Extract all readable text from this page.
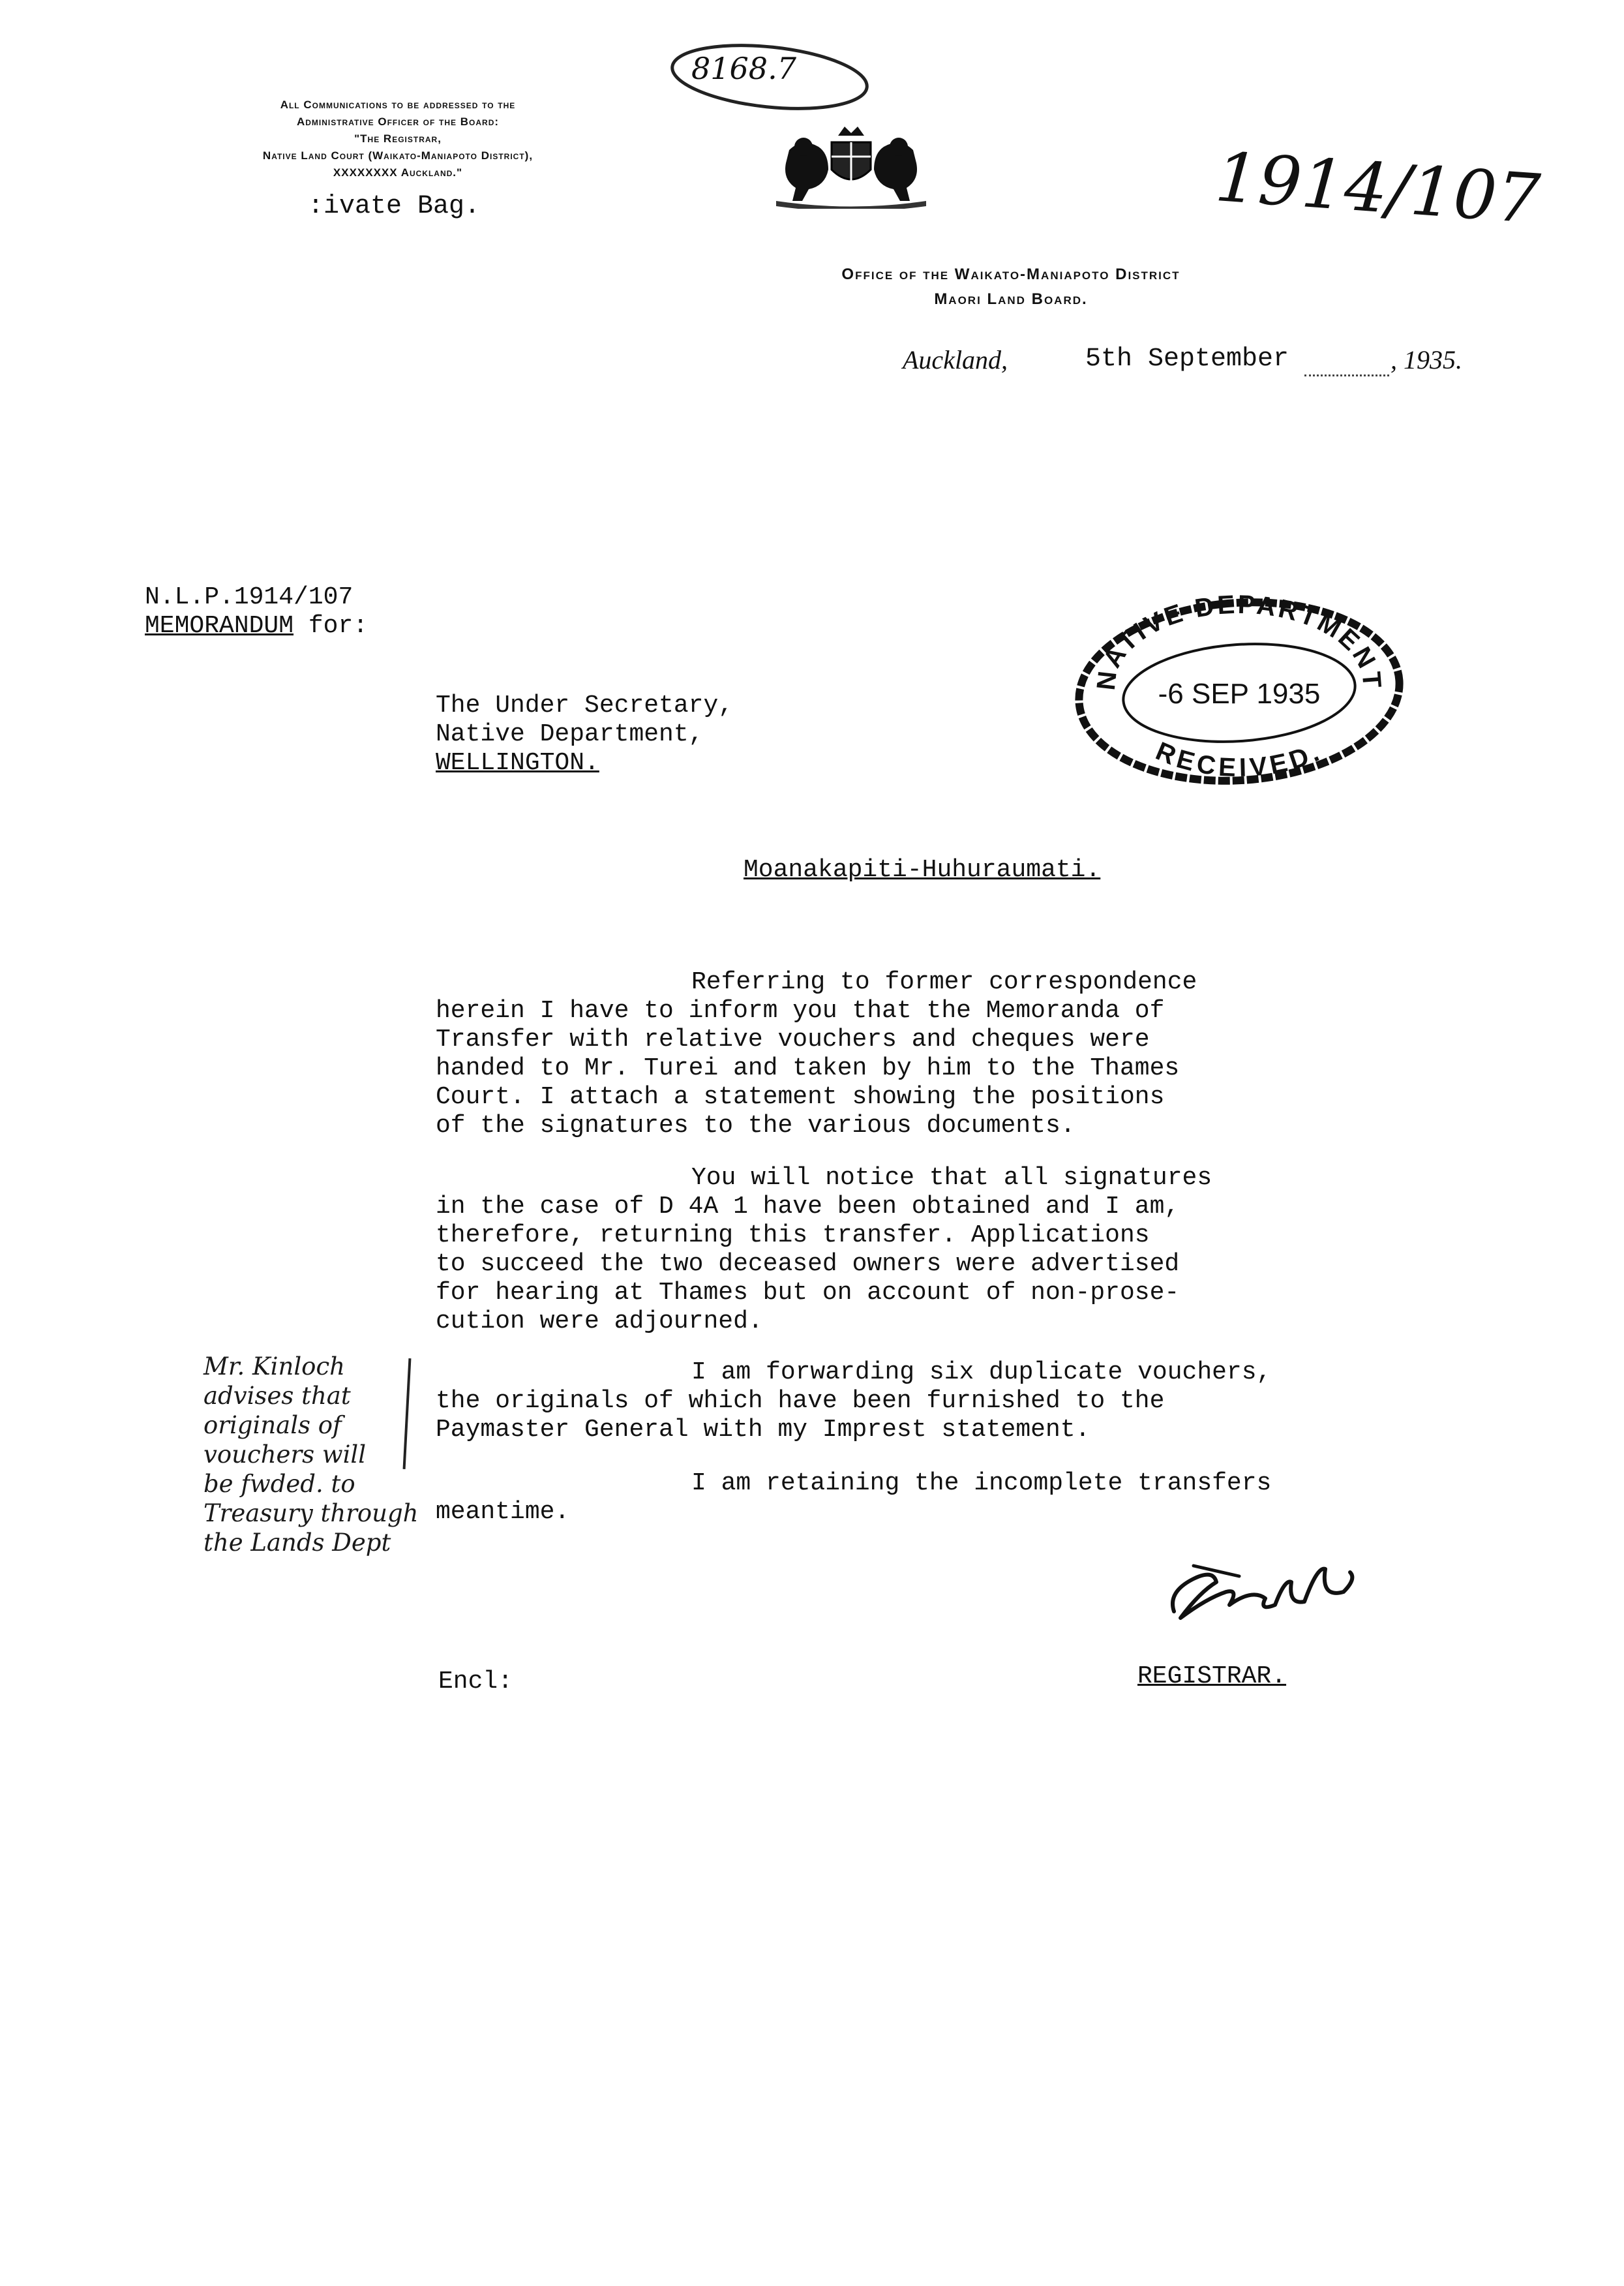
All Communications to be addressed to the
Administrative Officer of the Board:
"The Registrar,
Native Land Court (Waikato-Maniapoto District),
XXXXXXXX Auckland."
:ivate Bag.
8168.7
1914/107
Office of the Waikato-Maniapoto District
Maori Land Board.
Auckland,	5th September	, 1935.
N.L.P.1914/107
MEMORANDUM for:
The Under Secretary,
Native Department,
WELLINGTON.
NATIVE DEPARTMENT
-6 SEP 1935
RECEIVED.
Moanakapiti-Huhuraumati.
Referring to former correspondence
herein I have to inform you that the Memoranda of
Transfer with relative vouchers and cheques were
handed to Mr. Turei and taken by him to the Thames
Court. I attach a statement showing the positions
of the signatures to the various documents.
You will notice that all signatures
in the case of D 4A 1 have been obtained and I am,
therefore, returning this transfer. Applications
to succeed the two deceased owners were advertised
for hearing at Thames but on account of non-prose-
cution were adjourned.
I am forwarding six duplicate vouchers,
the originals of which have been furnished to the
Paymaster General with my Imprest statement.
I am retaining the incomplete transfers
meantime.
Mr. Kinloch
advises that
originals of
vouchers will
be fwded. to
Treasury through
the Lands Dept
Encl:	REGISTRAR.
